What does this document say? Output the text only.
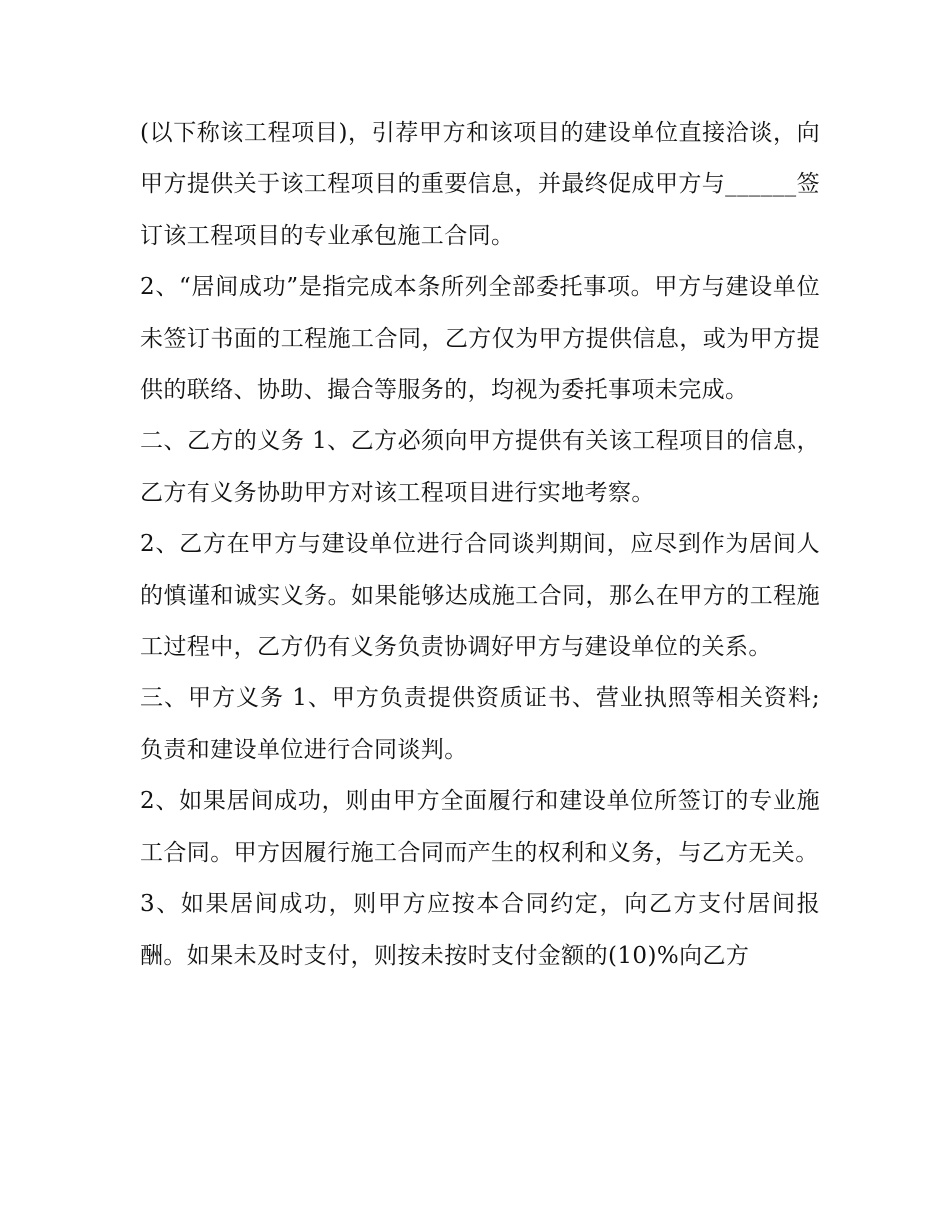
(以下称该工程项目)，引荐甲方和该项目的建设单位直接洽谈，向甲方提供关于该工程项目的重要信息，并最终促成甲方与______签订该工程项目的专业承包施工合同。

2、“居间成功”是指完成本条所列全部委托事项。甲方与建设单位未签订书面的工程施工合同，乙方仅为甲方提供信息，或为甲方提供的联络、协助、撮合等服务的，均视为委托事项未完成。

二、乙方的义务 1、乙方必须向甲方提供有关该工程项目的信息，乙方有义务协助甲方对该工程项目进行实地考察。

2、乙方在甲方与建设单位进行合同谈判期间，应尽到作为居间人的慎谨和诚实义务。如果能够达成施工合同，那么在甲方的工程施工过程中，乙方仍有义务负责协调好甲方与建设单位的关系。

三、甲方义务 1、甲方负责提供资质证书、营业执照等相关资料;负责和建设单位进行合同谈判。

2、如果居间成功，则由甲方全面履行和建设单位所签订的专业施工合同。甲方因履行施工合同而产生的权利和义务，与乙方无关。

3、如果居间成功，则甲方应按本合同约定，向乙方支付居间报酬。如果未及时支付，则按未按时支付金额的(10)%向乙方
